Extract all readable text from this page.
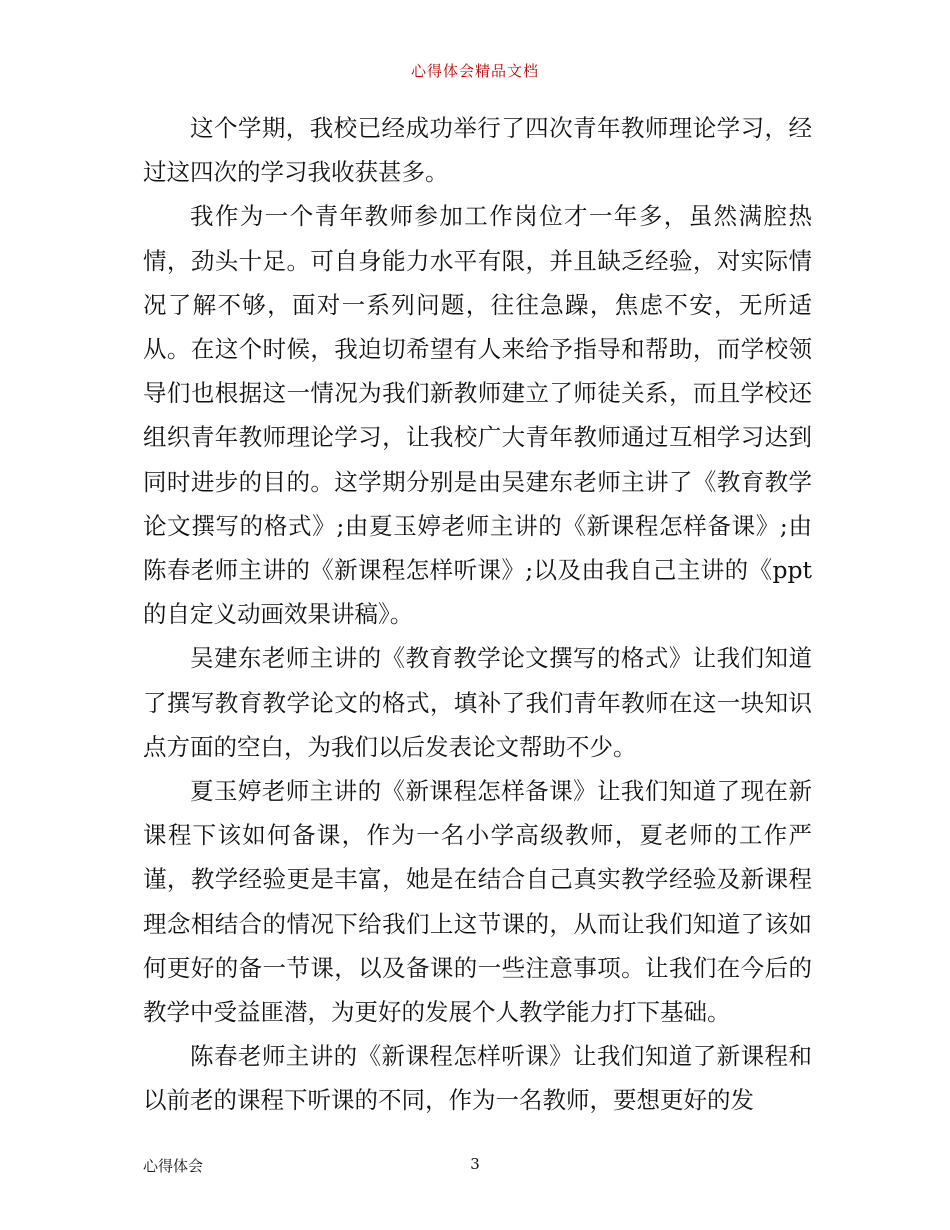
心得体会精品文档

这个学期，我校已经成功举行了四次青年教师理论学习，经过这四次的学习我收获甚多。

我作为一个青年教师参加工作岗位才一年多，虽然满腔热情，劲头十足。可自身能力水平有限，并且缺乏经验，对实际情况了解不够，面对一系列问题，往往急躁，焦虑不安，无所适从。在这个时候，我迫切希望有人来给予指导和帮助，而学校领导们也根据这一情况为我们新教师建立了师徒关系，而且学校还组织青年教师理论学习，让我校广大青年教师通过互相学习达到同时进步的目的。这学期分别是由吴建东老师主讲了《教育教学论文撰写的格式》;由夏玉婷老师主讲的《新课程怎样备课》;由陈春老师主讲的《新课程怎样听课》;以及由我自己主讲的《ppt的自定义动画效果讲稿》。

吴建东老师主讲的《教育教学论文撰写的格式》让我们知道了撰写教育教学论文的格式，填补了我们青年教师在这一块知识点方面的空白，为我们以后发表论文帮助不少。

夏玉婷老师主讲的《新课程怎样备课》让我们知道了现在新课程下该如何备课，作为一名小学高级教师，夏老师的工作严谨，教学经验更是丰富，她是在结合自己真实教学经验及新课程理念相结合的情况下给我们上这节课的，从而让我们知道了该如何更好的备一节课，以及备课的一些注意事项。让我们在今后的教学中受益匪潜，为更好的发展个人教学能力打下基础。

陈春老师主讲的《新课程怎样听课》让我们知道了新课程和以前老的课程下听课的不同，作为一名教师，要想更好的发

心得体会	3
